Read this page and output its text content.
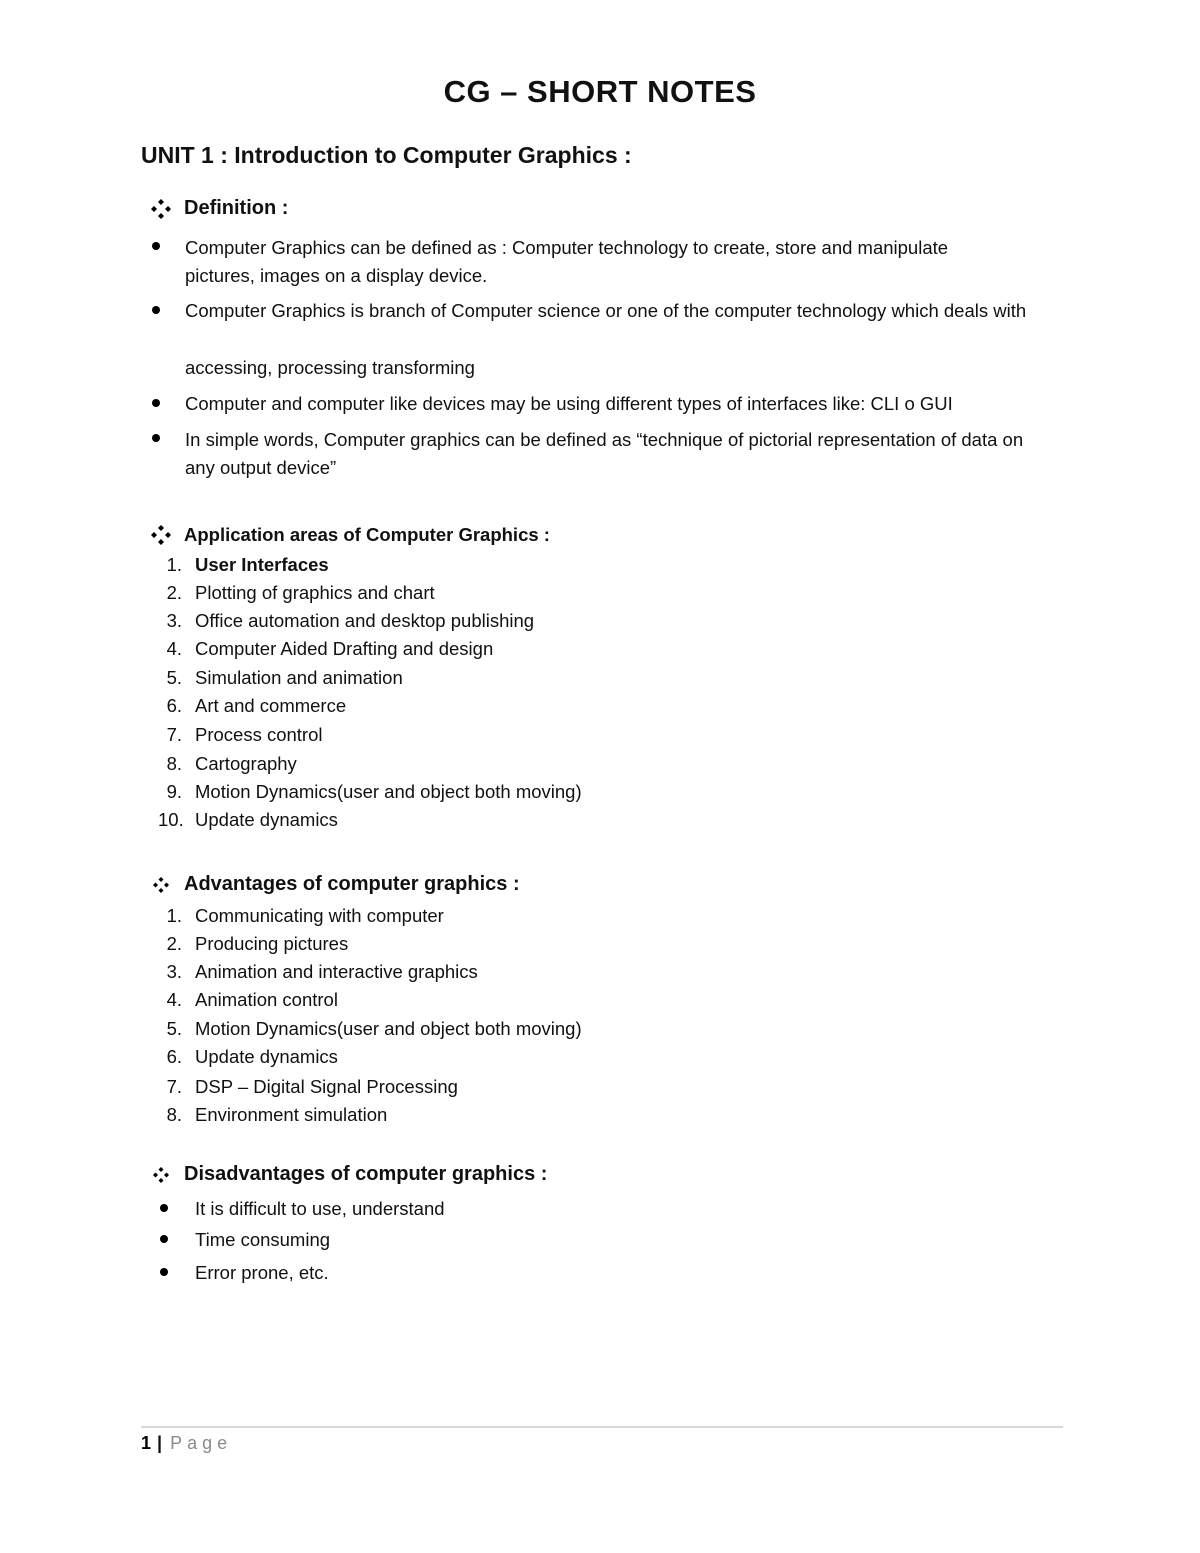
CG – SHORT NOTES
UNIT 1 : Introduction to Computer Graphics :
Definition :
Computer Graphics can be defined as : Computer technology to create, store and manipulate pictures, images on a display device.
Computer Graphics is branch of Computer science or one of the computer technology which deals with
accessing, processing transforming
Computer and computer like devices may be using different types of interfaces like: CLI o GUI
In simple words, Computer graphics can be defined as “technique of pictorial representation of data on any output device”
Application areas of Computer Graphics :
1. User Interfaces
2. Plotting of graphics and chart
3. Office automation and desktop publishing
4. Computer Aided Drafting and design
5. Simulation and animation
6. Art and commerce
7. Process control
8. Cartography
9. Motion Dynamics(user and object both moving)
10. Update dynamics
Advantages of computer graphics :
1. Communicating with computer
2. Producing pictures
3. Animation and interactive graphics
4. Animation control
5. Motion Dynamics(user and object both moving)
6. Update dynamics
7. DSP – Digital Signal Processing
8. Environment simulation
Disadvantages of computer graphics :
It is difficult to use, understand
Time consuming
Error prone, etc.
1 | Page
